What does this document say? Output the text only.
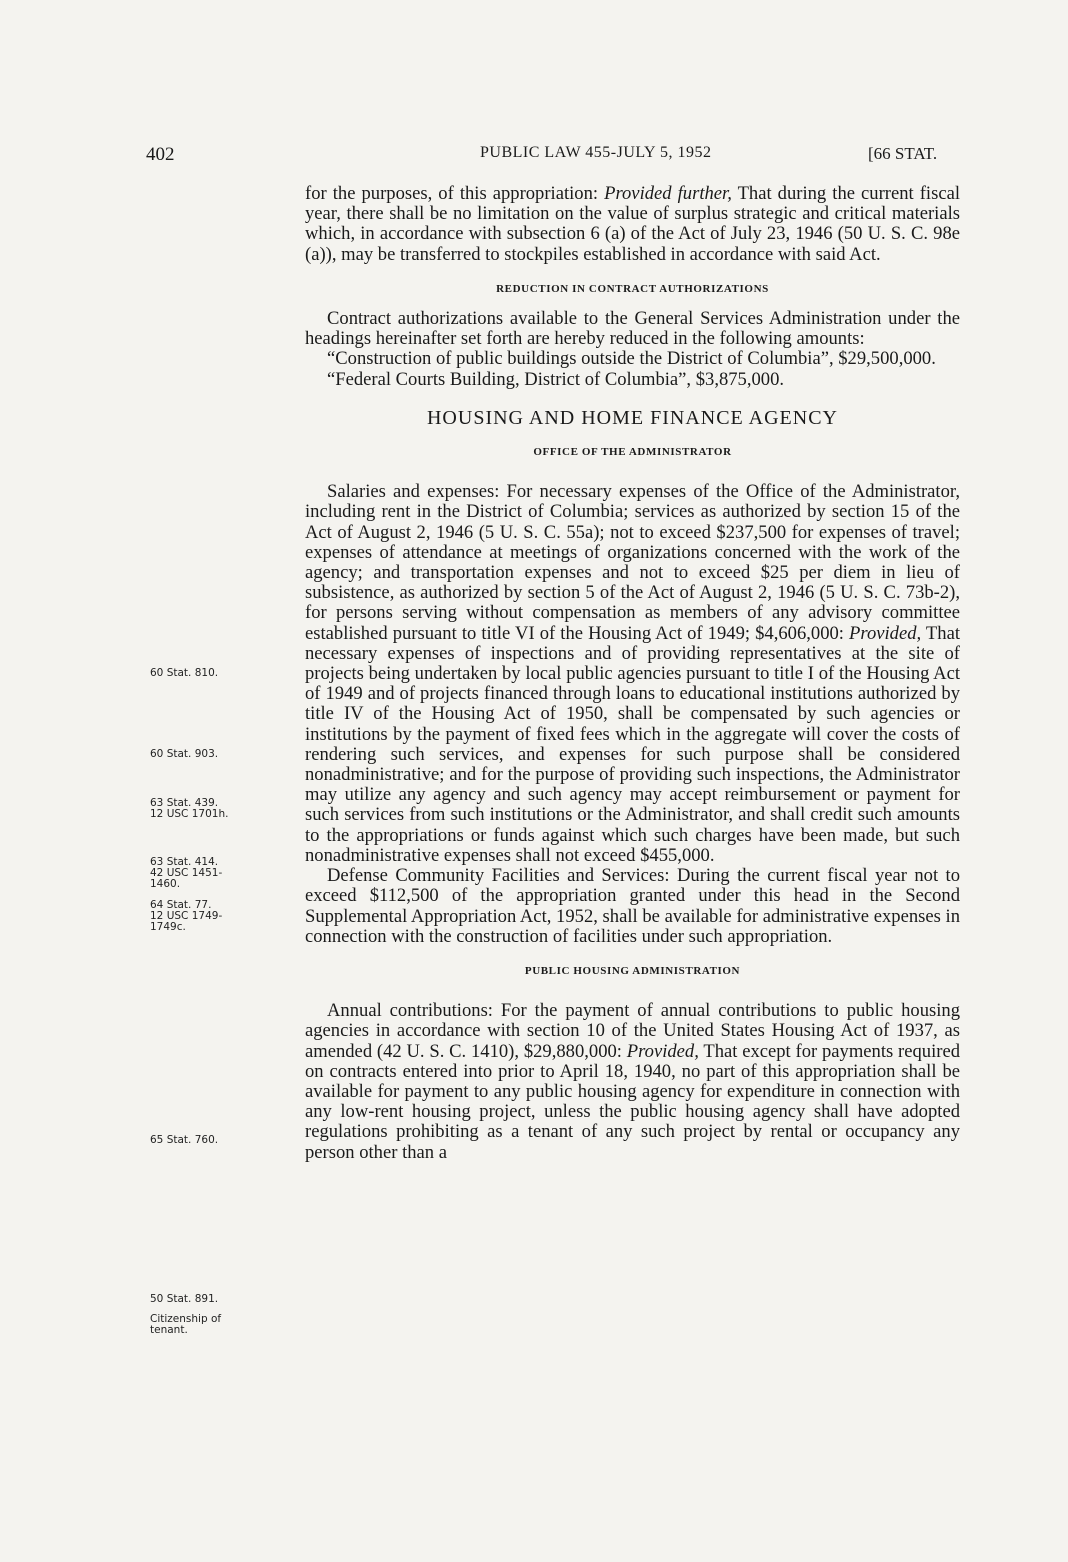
402	PUBLIC LAW 455-JULY 5, 1952	[66 STAT.

for the purposes, of this appropriation: Provided further, That during the current fiscal year, there shall be no limitation on the value of surplus strategic and critical materials which, in accordance with subsection 6 (a) of the Act of July 23, 1946 (50 U. S. C. 98e (a)), may be transferred to stockpiles established in accordance with said Act.

REDUCTION IN CONTRACT AUTHORIZATIONS

Contract authorizations available to the General Services Administration under the headings hereinafter set forth are hereby reduced in the following amounts:

“Construction of public buildings outside the District of Columbia”, $29,500,000.

“Federal Courts Building, District of Columbia”, $3,875,000.

HOUSING AND HOME FINANCE AGENCY
OFFICE OF THE ADMINISTRATOR

Salaries and expenses: For necessary expenses of the Office of the Administrator, including rent in the District of Columbia; services as authorized by section 15 of the Act of August 2, 1946 (5 U. S. C. 55a); not to exceed $237,500 for expenses of travel; expenses of attendance at meetings of organizations concerned with the work of the agency; and transportation expenses and not to exceed $25 per diem in lieu of subsistence, as authorized by section 5 of the Act of August 2, 1946 (5 U. S. C. 73b-2), for persons serving without compensation as members of any advisory committee established pursuant to title VI of the Housing Act of 1949; $4,606,000: Provided, That necessary expenses of inspections and of providing representatives at the site of projects being undertaken by local public agencies pursuant to title I of the Housing Act of 1949 and of projects financed through loans to educational institutions authorized by title IV of the Housing Act of 1950, shall be compensated by such agencies or institutions by the payment of fixed fees which in the aggregate will cover the costs of rendering such services, and expenses for such purpose shall be considered nonadministrative; and for the purpose of providing such inspections, the Administrator may utilize any agency and such agency may accept reimbursement or payment for such services from such institutions or the Administrator, and shall credit such amounts to the appropriations or funds against which such charges have been made, but such nonadministrative expenses shall not exceed $455,000.

Defense Community Facilities and Services: During the current fiscal year not to exceed $112,500 of the appropriation granted under this head in the Second Supplemental Appropriation Act, 1952, shall be available for administrative expenses in connection with the construction of facilities under such appropriation.

PUBLIC HOUSING ADMINISTRATION

Annual contributions: For the payment of annual contributions to public housing agencies in accordance with section 10 of the United States Housing Act of 1937, as amended (42 U. S. C. 1410), $29,880,000: Provided, That except for payments required on contracts entered into prior to April 18, 1940, no part of this appropriation shall be available for payment to any public housing agency for expenditure in connection with any low-rent housing project, unless the public housing agency shall have adopted regulations prohibiting as a tenant of any such project by rental or occupancy any person other than a

60 Stat. 810.
60 Stat. 903.
63 Stat. 439.
12 USC 1701h.
63 Stat. 414.
42 USC 1451-
1460.
64 Stat. 77.
12 USC 1749-
1749c.
65 Stat. 760.
50 Stat. 891.
Citizenship of
tenant.
